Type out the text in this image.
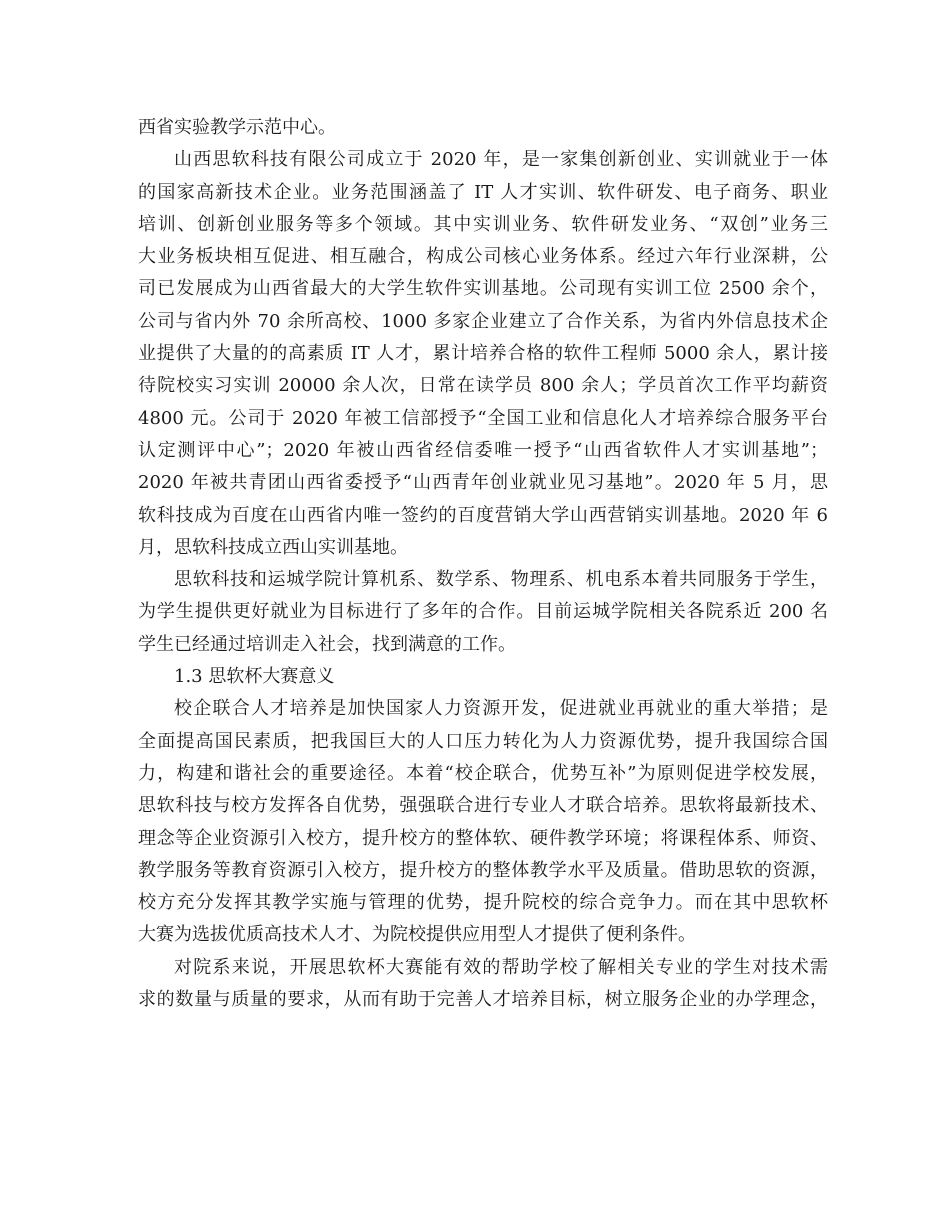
西省实验教学示范中心。
山西思软科技有限公司成立于 2020 年，是一家集创新创业、实训就业于一体
的国家高新技术企业。业务范围涵盖了 IT 人才实训、软件研发、电子商务、职业
培训、创新创业服务等多个领域。其中实训业务、软件研发业务、“双创”业务三
大业务板块相互促进、相互融合，构成公司核心业务体系。经过六年行业深耕，公
司已发展成为山西省最大的大学生软件实训基地。公司现有实训工位 2500 余个，
公司与省内外 70 余所高校、1000 多家企业建立了合作关系，为省内外信息技术企
业提供了大量的的高素质 IT 人才，累计培养合格的软件工程师 5000 余人，累计接
待院校实习实训 20000 余人次，日常在读学员 800 余人；学员首次工作平均薪资
4800 元。公司于 2020 年被工信部授予“全国工业和信息化人才培养综合服务平台
认定测评中心”；2020 年被山西省经信委唯一授予“山西省软件人才实训基地”；
2020 年被共青团山西省委授予“山西青年创业就业见习基地”。2020 年 5 月，思
软科技成为百度在山西省内唯一签约的百度营销大学山西营销实训基地。2020 年 6
月，思软科技成立西山实训基地。
思软科技和运城学院计算机系、数学系、物理系、机电系本着共同服务于学生，
为学生提供更好就业为目标进行了多年的合作。目前运城学院相关各院系近 200 名
学生已经通过培训走入社会，找到满意的工作。
1.3 思软杯大赛意义
校企联合人才培养是加快国家人力资源开发，促进就业再就业的重大举措；是
全面提高国民素质，把我国巨大的人口压力转化为人力资源优势，提升我国综合国
力，构建和谐社会的重要途径。本着“校企联合，优势互补”为原则促进学校发展，
思软科技与校方发挥各自优势，强强联合进行专业人才联合培养。思软将最新技术、
理念等企业资源引入校方，提升校方的整体软、硬件教学环境；将课程体系、师资、
教学服务等教育资源引入校方，提升校方的整体教学水平及质量。借助思软的资源，
校方充分发挥其教学实施与管理的优势，提升院校的综合竞争力。而在其中思软杯
大赛为选拔优质高技术人才、为院校提供应用型人才提供了便利条件。
对院系来说，开展思软杯大赛能有效的帮助学校了解相关专业的学生对技术需
求的数量与质量的要求，从而有助于完善人才培养目标，树立服务企业的办学理念，
